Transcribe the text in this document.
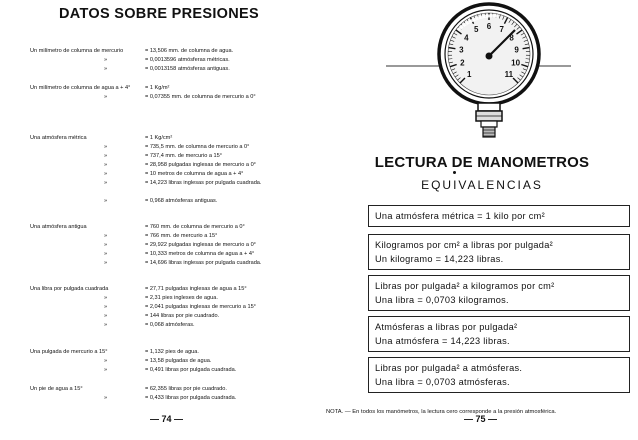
DATOS SOBRE PRESIONES
Un milímetro de columna de mercurio	= 13,506 mm. de columna de agua.
»	= 0,0013596 atmósferas métricas.
»	= 0,0013158 atmósferas antiguas.
Un milímetro de columna de agua a + 4°	= 1 Kg/m²
»	= 0,07355 mm. de columna de mercurio a 0°
Una atmósfera métrica	= 1 Kg/cm²
»	= 735,5 mm. de columna de mercurio a 0°
»	= 737,4 mm. de mercurio a 15°
»	= 28,958 pulgadas inglesas de mercurio a 0°
»	= 10 metros de columna de agua a + 4°
»	= 14,223 libras inglesas por pulgada cuadrada.
»	= 0,968 atmósferas antiguas.
Una atmósfera antigua	= 760 mm. de columna de mercurio a 0°
»	= 766 mm. de mercurio a 15°
»	= 29,922 pulgadas inglesas de mercurio a 0°
»	= 10,333 metros de columna de agua a + 4°
»	= 14,696 libras inglesas por pulgada cuadrada.
Una libra por pulgada cuadrada	= 27,71 pulgadas inglesas de agua a 15°
»	= 2,31 pies ingleses de agua.
»	= 2,041 pulgadas inglesas de mercurio a 15°
»	= 144 libras por pie cuadrado.
»	= 0,068 atmósferas.
Una pulgada de mercurio a 15°	= 1,132 pies de agua.
»	= 13,58 pulgadas de agua.
»	= 0,491 libras por pulgada cuadrada.
Un pie de agua a 15°	= 62,355 libras por pie cuadrado.
»	= 0,433 libras por pulgada cuadrada.
— 74 —
1
2
3
4
5 6 7
8
9
10
11
LECTURA DE MANOMETROS
EQUIVALENCIAS
Una atmósfera métrica = 1 kilo por cm²
Kilogramos por cm² a libras por pulgada²
Un kilogramo = 14,223 libras.
Libras por pulgada² a kilogramos por cm²
Una libra = 0,0703 kilogramos.
Atmósferas a libras por pulgada²
Una atmósfera = 14,223 libras.
Libras por pulgada² a atmósferas.
Una libra = 0,0703 atmósferas.
NOTA. — En todos los manómetros, la lectura cero corresponde a la presión atmosférica.
— 75 —
